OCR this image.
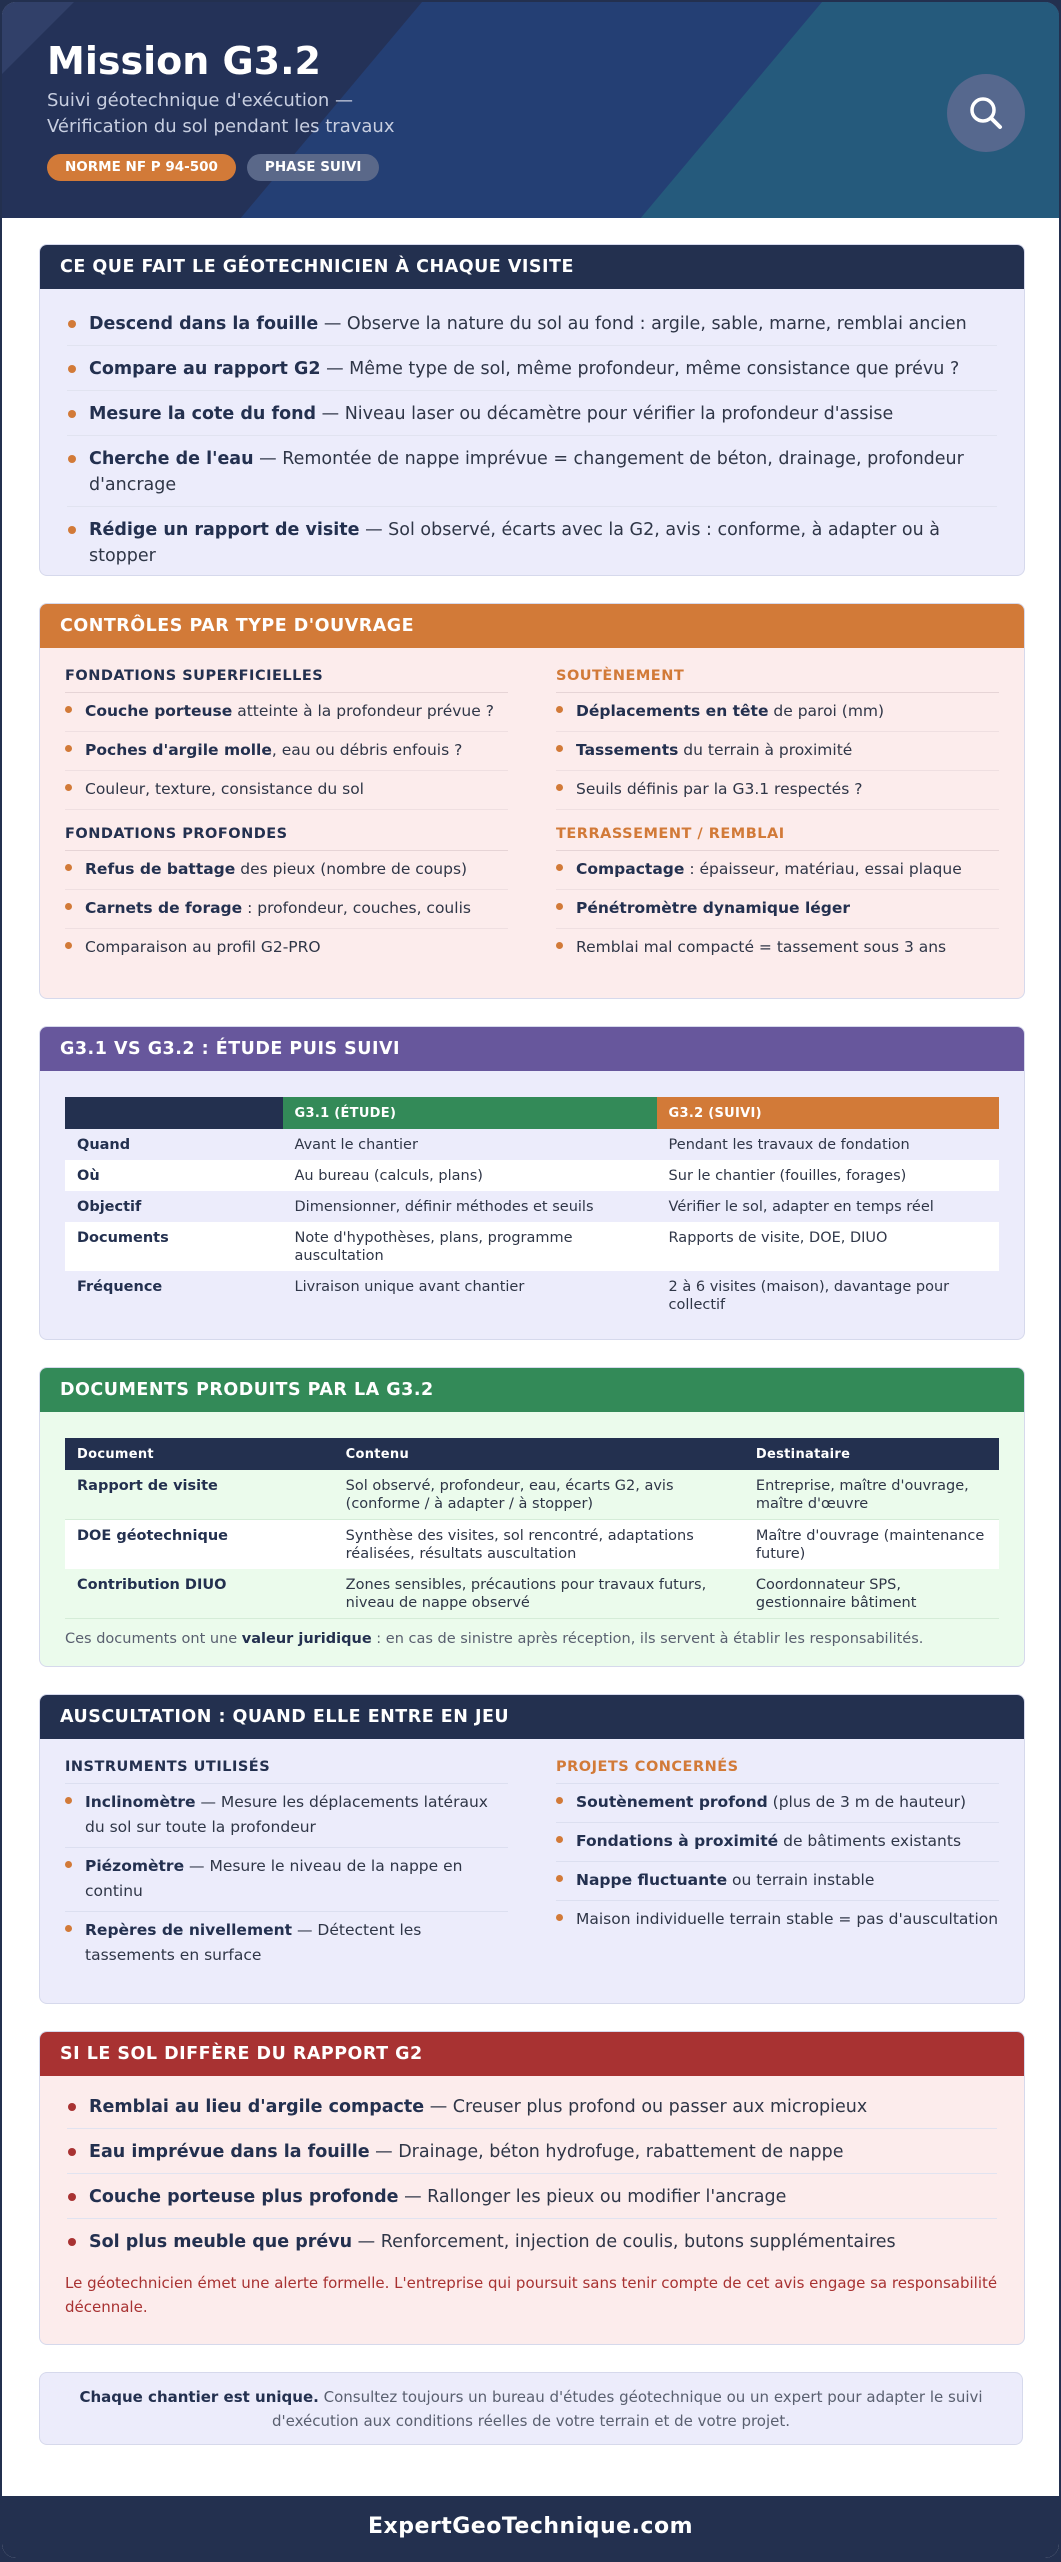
Mission G3.2
Suivi géotechnique d'exécution —
Vérification du sol pendant les travaux
NORME NF P 94-500	PHASE SUIVI
CE QUE FAIT LE GÉOTECHNICIEN À CHAQUE VISITE
Descend dans la fouille — Observe la nature du sol au fond : argile, sable, marne, remblai ancien
Compare au rapport G2 — Même type de sol, même profondeur, même consistance que prévu ?
Mesure la cote du fond — Niveau laser ou décamètre pour vérifier la profondeur d'assise
Cherche de l'eau — Remontée de nappe imprévue = changement de béton, drainage, profondeur d'ancrage
Rédige un rapport de visite — Sol observé, écarts avec la G2, avis : conforme, à adapter ou à stopper
CONTRÔLES PAR TYPE D'OUVRAGE
FONDATIONS SUPERFICIELLES
Couche porteuse atteinte à la profondeur prévue ?
Poches d'argile molle, eau ou débris enfouis ?
Couleur, texture, consistance du sol
FONDATIONS PROFONDES
Refus de battage des pieux (nombre de coups)
Carnets de forage : profondeur, couches, coulis
Comparaison au profil G2-PRO
SOUTÈNEMENT
Déplacements en tête de paroi (mm)
Tassements du terrain à proximité
Seuils définis par la G3.1 respectés ?
TERRASSEMENT / REMBLAI
Compactage : épaisseur, matériau, essai plaque
Pénétromètre dynamique léger
Remblai mal compacté = tassement sous 3 ans
G3.1 VS G3.2 : ÉTUDE PUIS SUIVI
	G3.1 (ÉTUDE)	G3.2 (SUIVI)
Quand	Avant le chantier	Pendant les travaux de fondation
Où	Au bureau (calculs, plans)	Sur le chantier (fouilles, forages)
Objectif	Dimensionner, définir méthodes et seuils	Vérifier le sol, adapter en temps réel
Documents	Note d'hypothèses, plans, programme auscultation	Rapports de visite, DOE, DIUO
Fréquence	Livraison unique avant chantier	2 à 6 visites (maison), davantage pour collectif
DOCUMENTS PRODUITS PAR LA G3.2
Document	Contenu	Destinataire
Rapport de visite	Sol observé, profondeur, eau, écarts G2, avis (conforme / à adapter / à stopper)	Entreprise, maître d'ouvrage, maître d'œuvre
DOE géotechnique	Synthèse des visites, sol rencontré, adaptations réalisées, résultats auscultation	Maître d'ouvrage (maintenance future)
Contribution DIUO	Zones sensibles, précautions pour travaux futurs, niveau de nappe observé	Coordonnateur SPS, gestionnaire bâtiment
Ces documents ont une valeur juridique : en cas de sinistre après réception, ils servent à établir les responsabilités.
AUSCULTATION : QUAND ELLE ENTRE EN JEU
INSTRUMENTS UTILISÉS
Inclinomètre — Mesure les déplacements latéraux du sol sur toute la profondeur
Piézomètre — Mesure le niveau de la nappe en continu
Repères de nivellement — Détectent les tassements en surface
PROJETS CONCERNÉS
Soutènement profond (plus de 3 m de hauteur)
Fondations à proximité de bâtiments existants
Nappe fluctuante ou terrain instable
Maison individuelle terrain stable = pas d'auscultation
SI LE SOL DIFFÈRE DU RAPPORT G2
Remblai au lieu d'argile compacte — Creuser plus profond ou passer aux micropieux
Eau imprévue dans la fouille — Drainage, béton hydrofuge, rabattement de nappe
Couche porteuse plus profonde — Rallonger les pieux ou modifier l'ancrage
Sol plus meuble que prévu — Renforcement, injection de coulis, butons supplémentaires
Le géotechnicien émet une alerte formelle. L'entreprise qui poursuit sans tenir compte de cet avis engage sa responsabilité décennale.
Chaque chantier est unique. Consultez toujours un bureau d'études géotechnique ou un expert pour adapter le suivi d'exécution aux conditions réelles de votre terrain et de votre projet.
ExpertGeoTechnique.com
